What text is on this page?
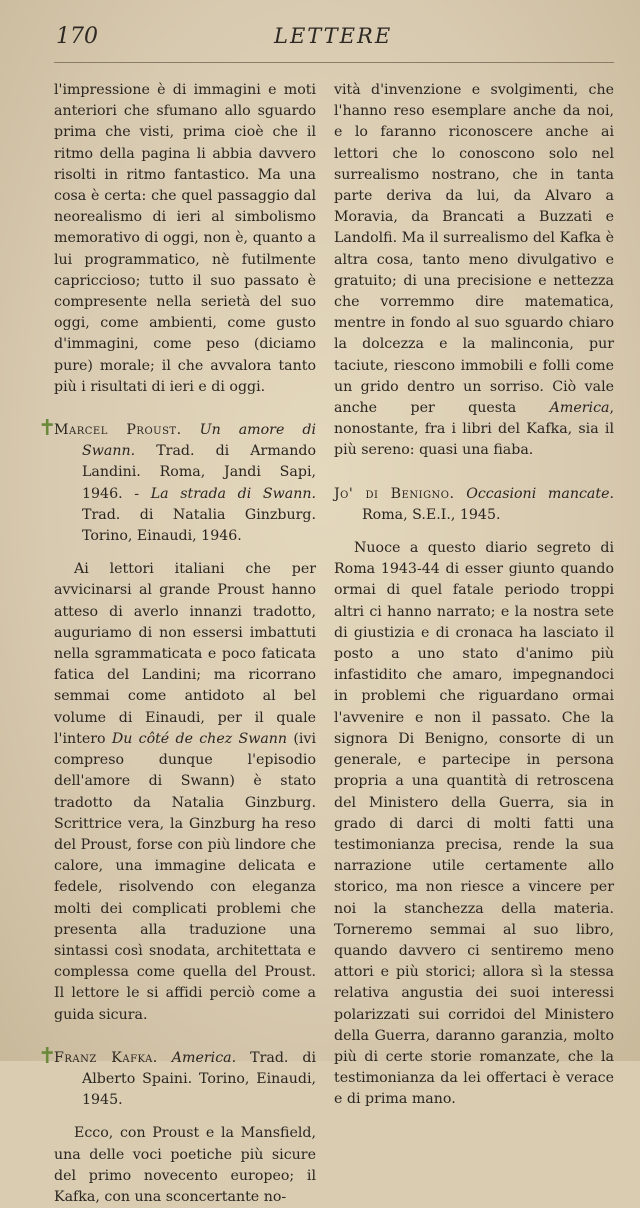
170	LETTERE

l'impressione è di immagini e moti anteriori che sfumano allo sguardo prima che visti, prima cioè che il ritmo della pagina li abbia davvero risolti in ritmo fantastico. Ma una cosa è certa: che quel passaggio dal neorealismo di ieri al simbolismo memorativo di oggi, non è, quanto a lui programmatico, nè futilmente capriccioso; tutto il suo passato è compresente nella serietà del suo oggi, come ambienti, come gusto d'immagini, come peso (diciamo pure) morale; il che avvalora tanto più i risultati di ieri e di oggi.

✝
Marcel Proust. Un amore di Swann. Trad. di Armando Landini. Roma, Jandi Sapi, 1946. - La strada di Swann. Trad. di Natalia Ginzburg. Torino, Einaudi, 1946.

Ai lettori italiani che per avvicinarsi al grande Proust hanno atteso di averlo innanzi tradotto, auguriamo di non essersi imbattuti nella sgrammaticata e poco faticata fatica del Landini; ma ricorrano semmai come antidoto al bel volume di Einaudi, per il quale l'intero Du côté de chez Swann (ivi compreso dunque l'episodio dell'amore di Swann) è stato tradotto da Natalia Ginzburg. Scrittrice vera, la Ginzburg ha reso del Proust, forse con più lindore che calore, una immagine delicata e fedele, risolvendo con eleganza molti dei complicati problemi che presenta alla traduzione una sintassi così snodata, architettata e complessa come quella del Proust. Il lettore le si affidi perciò come a guida sicura.

✝
Franz Kafka. America. Trad. di Alberto Spaini. Torino, Einaudi, 1945.

Ecco, con Proust e la Mansfield, una delle voci poetiche più sicure del primo novecento europeo; il Kafka, con una sconcertante no-

vità d'invenzione e svolgimenti, che l'hanno reso esemplare anche da noi, e lo faranno riconoscere anche ai lettori che lo conoscono solo nel surrealismo nostrano, che in tanta parte deriva da lui, da Alvaro a Moravia, da Brancati a Buzzati e Landolfi. Ma il surrealismo del Kafka è altra cosa, tanto meno divulgativo e gratuito; di una precisione e nettezza che vorremmo dire matematica, mentre in fondo al suo sguardo chiaro la dolcezza e la malinconia, pur taciute, riescono immobili e folli come un grido dentro un sorriso. Ciò vale anche per questa America, nonostante, fra i libri del Kafka, sia il più sereno: quasi una fiaba.

Jo' di Benigno. Occasioni mancate. Roma, S.E.I., 1945.

Nuoce a questo diario segreto di Roma 1943-44 di esser giunto quando ormai di quel fatale periodo troppi altri ci hanno narrato; e la nostra sete di giustizia e di cronaca ha lasciato il posto a uno stato d'animo più infastidito che amaro, impegnandoci in problemi che riguardano ormai l'avvenire e non il passato. Che la signora Di Benigno, consorte di un generale, e partecipe in persona propria a una quantità di retroscena del Ministero della Guerra, sia in grado di darci di molti fatti una testimonianza precisa, rende la sua narrazione utile certamente allo storico, ma non riesce a vincere per noi la stanchezza della materia. Torneremo semmai al suo libro, quando davvero ci sentiremo meno attori e più storici; allora sì la stessa relativa angustia dei suoi interessi polarizzati sui corridoi del Ministero della Guerra, daranno garanzia, molto più di certe storie romanzate, che la testimonianza da lei offertaci è verace e di prima mano.
